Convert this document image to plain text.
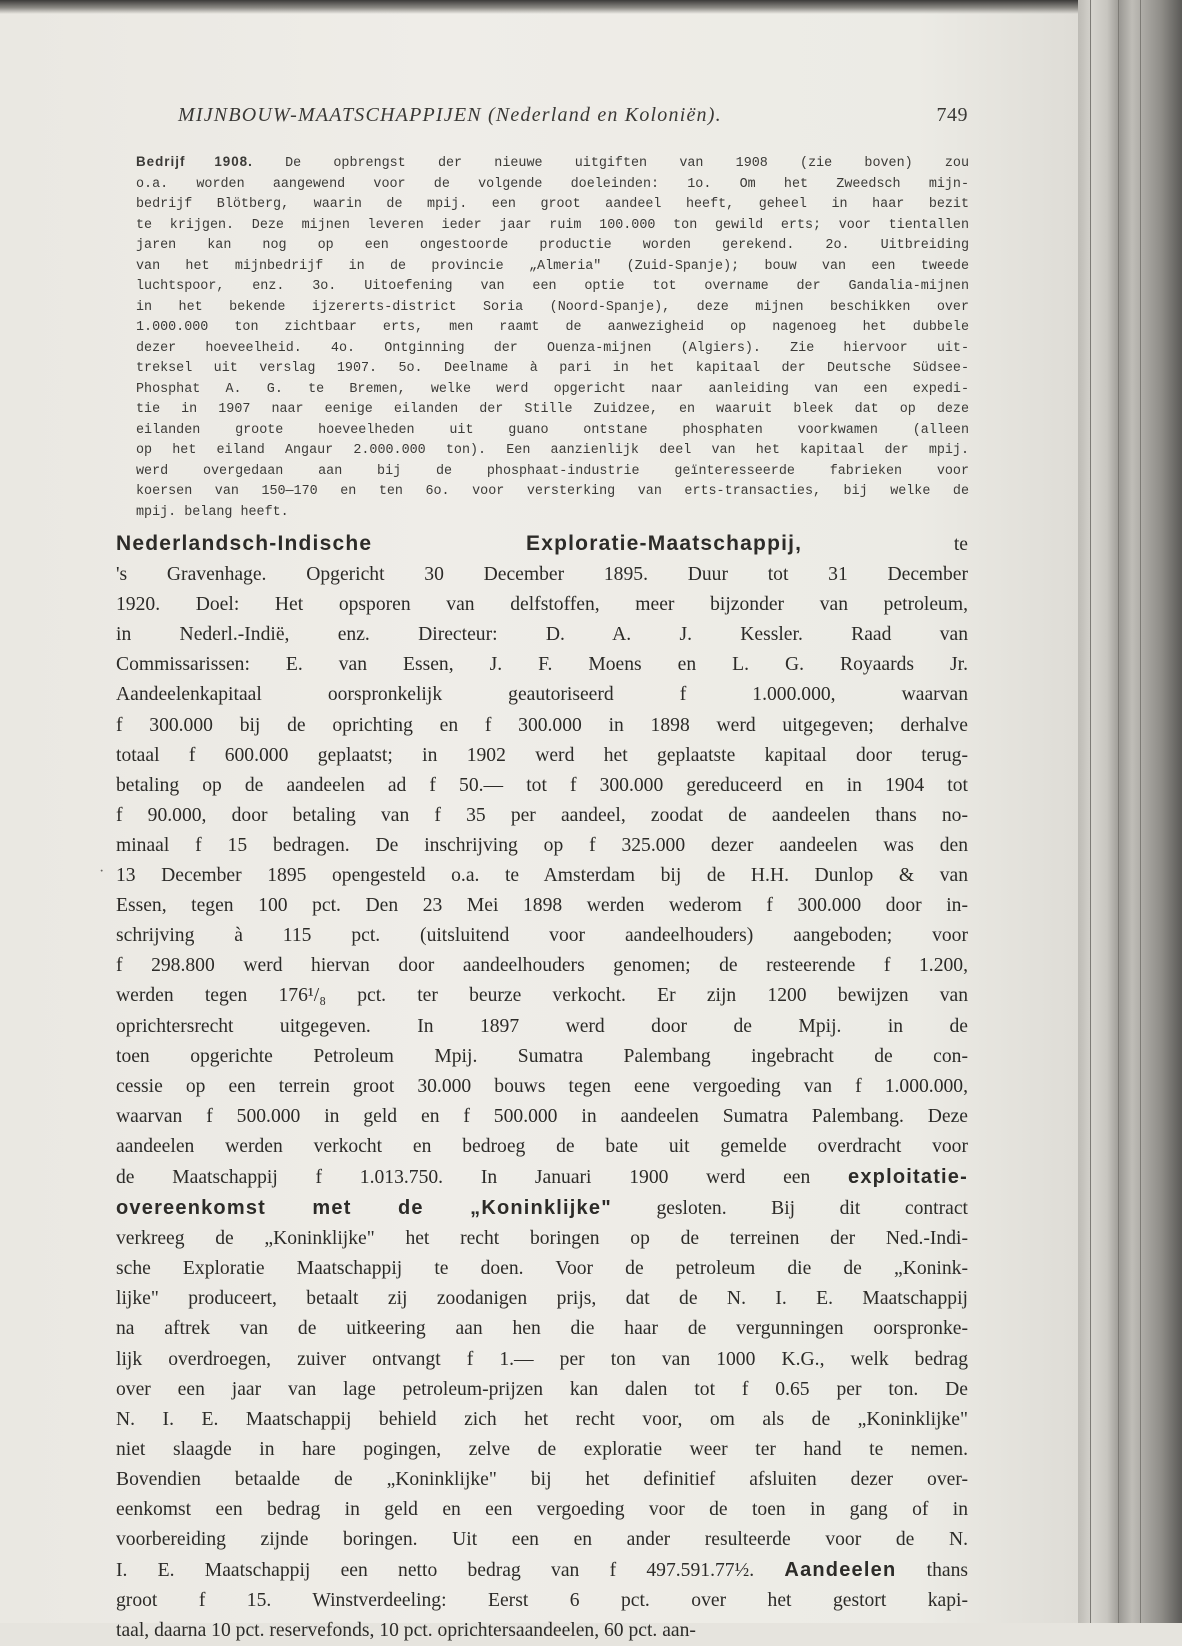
MIJNBOUW-MAATSCHAPPIJEN (Nederland en Koloniën).	749
Bedrijf 1908. De opbrengst der nieuwe uitgiften van 1908 (zie boven) zou
o.a. worden aangewend voor de volgende doeleinden: 1o. Om het Zweedsch mijn-
bedrijf Blötberg, waarin de mpij. een groot aandeel heeft, geheel in haar bezit
te krijgen. Deze mijnen leveren ieder jaar ruim 100.000 ton gewild erts; voor tientallen
jaren kan nog op een ongestoorde productie worden gerekend. 2o. Uitbreiding
van het mijnbedrijf in de provincie „Almeria" (Zuid-Spanje); bouw van een tweede
luchtspoor, enz. 3o. Uitoefening van een optie tot overname der Gandalia-mijnen
in het bekende ijzererts-district Soria (Noord-Spanje), deze mijnen beschikken over
1.000.000 ton zichtbaar erts, men raamt de aanwezigheid op nagenoeg het dubbele
dezer hoeveelheid. 4o. Ontginning der Ouenza-mijnen (Algiers). Zie hiervoor uit-
treksel uit verslag 1907. 5o. Deelname à pari in het kapitaal der Deutsche Südsee-
Phosphat A. G. te Bremen, welke werd opgericht naar aanleiding van een expedi-
tie in 1907 naar eenige eilanden der Stille Zuidzee, en waaruit bleek dat op deze
eilanden groote hoeveelheden uit guano ontstane phosphaten voorkwamen (alleen
op het eiland Angaur 2.000.000 ton). Een aanzienlijk deel van het kapitaal der mpij.
werd overgedaan aan bij de phosphaat-industrie geïnteresseerde fabrieken voor
koersen van 150—170 en ten 6o. voor versterking van erts-transacties, bij welke de
mpij. belang heeft.
·
Nederlandsch-Indische Exploratie-Maatschappij,	te
's Gravenhage. Opgericht 30 December 1895. Duur tot 31 December
1920. Doel: Het opsporen van delfstoffen, meer bijzonder van petroleum,
in Nederl.-Indië, enz. Directeur: D. A. J. Kessler. Raad van
Commissarissen: E. van Essen, J. F. Moens en L. G. Royaards Jr.
Aandeelenkapitaal oorspronkelijk geautoriseerd f 1.000.000, waarvan
f 300.000 bij de oprichting en f 300.000 in 1898 werd uitgegeven; derhalve
totaal f 600.000 geplaatst; in 1902 werd het geplaatste kapitaal door terug-
betaling op de aandeelen ad f 50.— tot f 300.000 gereduceerd en in 1904 tot
f 90.000, door betaling van f 35 per aandeel, zoodat de aandeelen thans no-
minaal f 15 bedragen. De inschrijving op f 325.000 dezer aandeelen was den
13 December 1895 opengesteld o.a. te Amsterdam bij de H.H. Dunlop & van
Essen, tegen 100 pct. Den 23 Mei 1898 werden wederom f 300.000 door in-
schrijving à 115 pct. (uitsluitend voor aandeelhouders) aangeboden; voor
f 298.800 werd hiervan door aandeelhouders genomen; de resteerende f 1.200,
werden tegen 176¹/₈ pct. ter beurze verkocht. Er zijn 1200 bewijzen van
oprichtersrecht uitgegeven. In 1897 werd door de Mpij. in de
toen opgerichte Petroleum Mpij. Sumatra Palembang ingebracht de con-
cessie op een terrein groot 30.000 bouws tegen eene vergoeding van f 1.000.000,
waarvan f 500.000 in geld en f 500.000 in aandeelen Sumatra Palembang. Deze
aandeelen werden verkocht en bedroeg de bate uit gemelde overdracht voor
de Maatschappij f 1.013.750. In Januari 1900 werd een exploitatie-
overeenkomst met de „Koninklijke" gesloten. Bij dit contract
verkreeg de „Koninklijke" het recht boringen op de terreinen der Ned.-Indi-
sche Exploratie Maatschappij te doen. Voor de petroleum die de „Konink-
lijke" produceert, betaalt zij zoodanigen prijs, dat de N. I. E. Maatschappij
na aftrek van de uitkeering aan hen die haar de vergunningen oorspronke-
lijk overdroegen, zuiver ontvangt f 1.— per ton van 1000 K.G., welk bedrag
over een jaar van lage petroleum-prijzen kan dalen tot f 0.65 per ton. De
N. I. E. Maatschappij behield zich het recht voor, om als de „Koninklijke"
niet slaagde in hare pogingen, zelve de exploratie weer ter hand te nemen.
Bovendien betaalde de „Koninklijke" bij het definitief afsluiten dezer over-
eenkomst een bedrag in geld en een vergoeding voor de toen in gang of in
voorbereiding zijnde boringen. Uit een en ander resulteerde voor de N.
I. E. Maatschappij een netto bedrag van f 497.591.77½. Aandeelen thans
groot f 15. Winstverdeeling: Eerst 6 pct. over het gestort kapi-
taal, daarna 10 pct. reservefonds, 10 pct. oprichtersaandeelen, 60 pct. aan-
